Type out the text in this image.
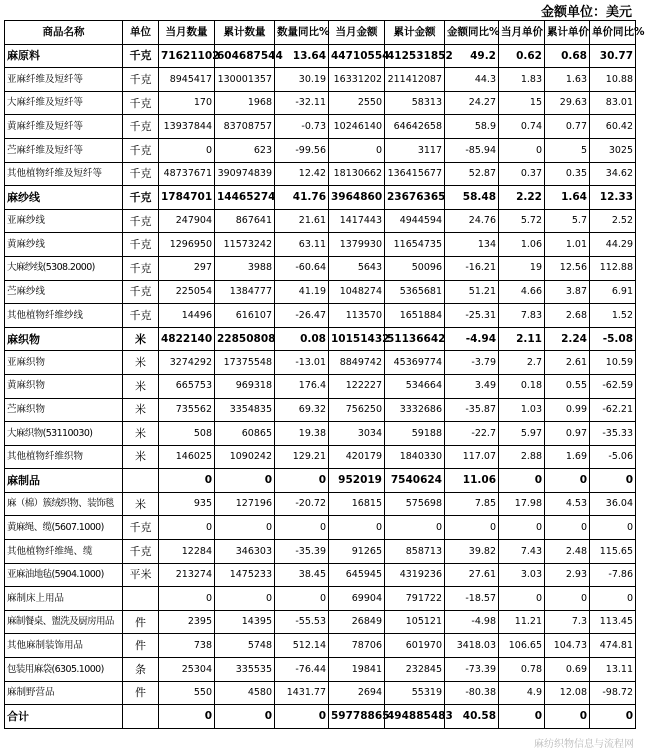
金额单位：美元
商品名称	单位	当月数量	累计数量	数量同比%	当月金额	累计金额	金额同比%	当月单价	累计单价	单价同比%
麻原料	千克	71621102	604687544	13.64	44710554	412531852	49.2	0.62	0.68	30.77
亚麻纤维及短纤等	千克	8945417	130001357	30.19	16331202	211412087	44.3	1.83	1.63	10.88
大麻纤维及短纤等	千克	170	1968	-32.11	2550	58313	24.27	15	29.63	83.01
黄麻纤维及短纤等	千克	13937844	83708757	-0.73	10246140	64642658	58.9	0.74	0.77	60.42
苎麻纤维及短纤等	千克	0	623	-99.56	0	3117	-85.94	0	5	3025
其他植物纤维及短纤等	千克	48737671	390974839	12.42	18130662	136415677	52.87	0.37	0.35	34.62
麻纱线	千克	1784701	14465274	41.76	3964860	23676365	58.48	2.22	1.64	12.33
亚麻纱线	千克	247904	867641	21.61	1417443	4944594	24.76	5.72	5.7	2.52
黄麻纱线	千克	1296950	11573242	63.11	1379930	11654735	134	1.06	1.01	44.29
大麻纱线(5308.2000)	千克	297	3988	-60.64	5643	50096	-16.21	19	12.56	112.88
苎麻纱线	千克	225054	1384777	41.19	1048274	5365681	51.21	4.66	3.87	6.91
其他植物纤维纱线	千克	14496	616107	-26.47	113570	1651884	-25.31	7.83	2.68	1.52
麻织物	米	4822140	22850808	0.08	10151432	51136642	-4.94	2.11	2.24	-5.08
亚麻织物	米	3274292	17375548	-13.01	8849742	45369774	-3.79	2.7	2.61	10.59
黄麻织物	米	665753	969318	176.4	122227	534664	3.49	0.18	0.55	-62.59
苎麻织物	米	735562	3354835	69.32	756250	3332686	-35.87	1.03	0.99	-62.21
大麻织物(53110030)	米	508	60865	19.38	3034	59188	-22.7	5.97	0.97	-35.33
其他植物纤维织物	米	146025	1090242	129.21	420179	1840330	117.07	2.88	1.69	-5.06
麻制品		0	0	0	952019	7540624	11.06	0	0	0
麻（棉）簇绒织物、装饰毯	米	935	127196	-20.72	16815	575698	7.85	17.98	4.53	36.04
黄麻绳、缆(5607.1000)	千克	0	0	0	0	0	0	0	0	0
其他植物纤维绳、缆	千克	12284	346303	-35.39	91265	858713	39.82	7.43	2.48	115.65
亚麻油地毡(5904.1000)	平米	213274	1475233	38.45	645945	4319236	27.61	3.03	2.93	-7.86
麻制床上用品		0	0	0	69904	791722	-18.57	0	0	0
麻制餐桌、盥洗及厨房用品	件	2395	14395	-55.53	26849	105121	-4.98	11.21	7.3	113.45
其他麻制装饰用品	件	738	5748	512.14	78706	601970	3418.03	106.65	104.73	474.81
包装用麻袋(6305.1000)	条	25304	335535	-76.44	19841	232845	-73.39	0.78	0.69	13.11
麻制野营品	件	550	4580	1431.77	2694	55319	-80.38	4.9	12.08	-98.72
合计		0	0	0	59778865	494885483	40.58	0	0	0
麻纺织物信息与流程网
